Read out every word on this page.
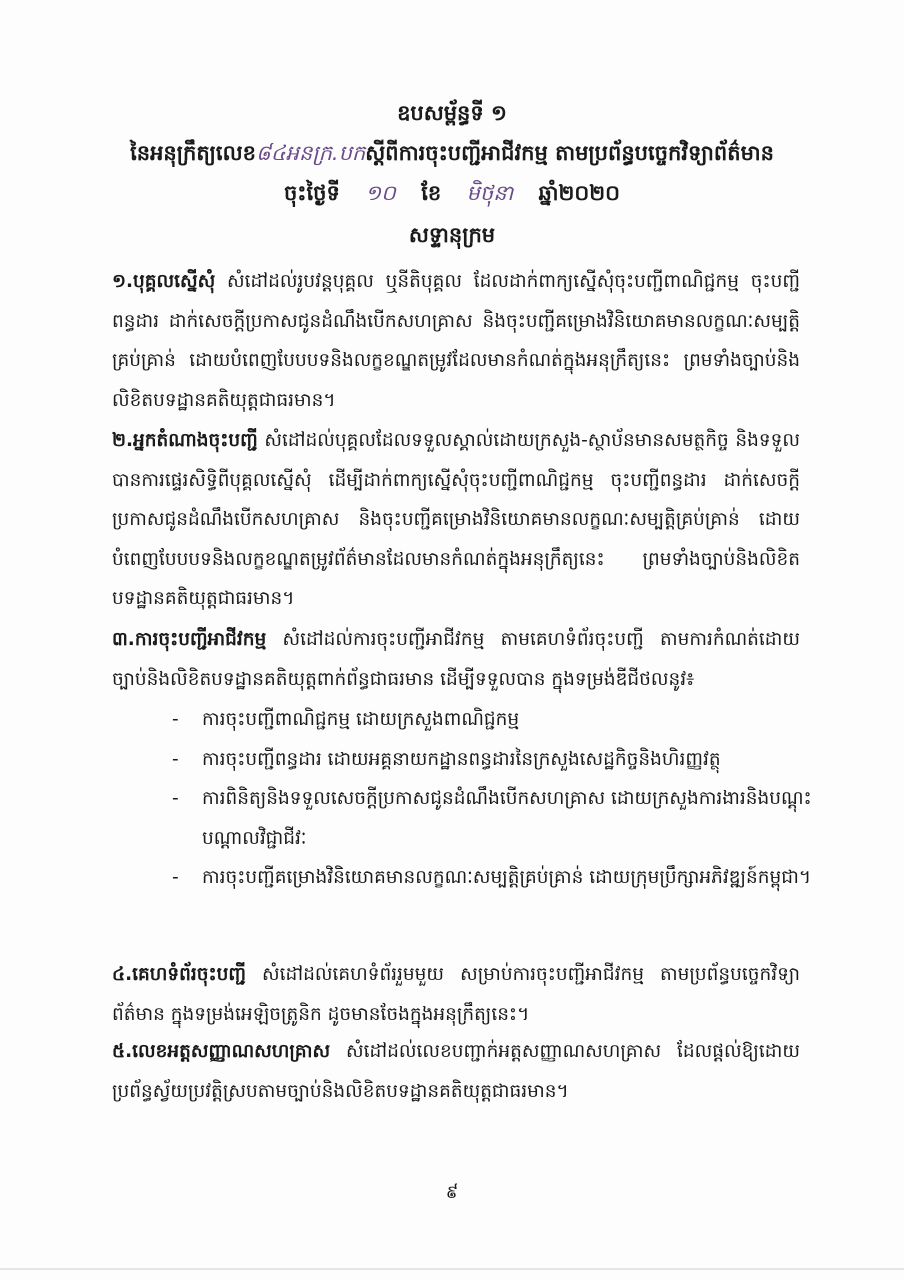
ឧបសម្ព័ន្ធទី ១
នៃអនុក្រឹត្យលេខ៨៤អនក្រ.បកស្ដីពីការចុះបញ្ជីអាជីវកម្ម តាមប្រព័ន្ធបច្ចេកវិទ្យាព័ត៌មាន
ចុះថ្ងៃទី ១០ ខែ មិថុនា ឆ្នាំ២០២០
សទ្ទានុក្រម
១.បុគ្គលស្នើសុំ សំដៅដល់រូបវន្តបុគ្គល ឬនីតិបុគ្គល ដែលដាក់ពាក្យស្នើសុំចុះបញ្ជីពាណិជ្ជកម្ម ចុះបញ្ជីពន្ធដារ ដាក់សេចក្តីប្រកាសជូនដំណឹងបើកសហគ្រាស និងចុះបញ្ជីគម្រោងវិនិយោគមានលក្ខណៈសម្បត្តិគ្រប់គ្រាន់ ដោយបំពេញបែបបទនិងលក្ខខណ្ឌតម្រូវដែលមានកំណត់ក្នុងអនុក្រឹត្យនេះ ព្រមទាំងច្បាប់និងលិខិតបទដ្ឋានគតិយុត្តជាធរមាន។
២.អ្នកតំណាងចុះបញ្ជី សំដៅដល់បុគ្គលដែលទទួលស្គាល់ដោយក្រសួង-ស្ថាប័នមានសមត្ថកិច្ច និងទទួលបានការផ្ទេរសិទ្ធិពីបុគ្គលស្នើសុំ ដើម្បីដាក់ពាក្យស្នើសុំចុះបញ្ជីពាណិជ្ជកម្ម ចុះបញ្ជីពន្ធដារ ដាក់សេចក្តីប្រកាសជូនដំណឹងបើកសហគ្រាស និងចុះបញ្ជីគម្រោងវិនិយោគមានលក្ខណៈសម្បត្តិគ្រប់គ្រាន់ ដោយបំពេញបែបបទនិងលក្ខខណ្ឌតម្រូវព័ត៌មានដែលមានកំណត់ក្នុងអនុក្រឹត្យនេះ ព្រមទាំងច្បាប់និងលិខិតបទដ្ឋានគតិយុត្តជាធរមាន។
៣.ការចុះបញ្ជីអាជីវកម្ម សំដៅដល់ការចុះបញ្ជីអាជីវកម្ម តាមគេហទំព័រចុះបញ្ជី តាមការកំណត់ដោយច្បាប់និងលិខិតបទដ្ឋានគតិយុត្តពាក់ព័ន្ធជាធរមាន ដើម្បីទទួលបាន ក្នុងទម្រង់ឌីជីថលនូវ៖
- ការចុះបញ្ជីពាណិជ្ជកម្ម ដោយក្រសួងពាណិជ្ជកម្ម
- ការចុះបញ្ជីពន្ធដារ ដោយអគ្គនាយកដ្ឋានពន្ធដារនៃក្រសួងសេដ្ឋកិច្ចនិងហិរញ្ញវត្ថុ
- ការពិនិត្យនិងទទួលសេចក្តីប្រកាសជូនដំណឹងបើកសហគ្រាស ដោយក្រសួងការងារនិងបណ្តុះបណ្តាលវិជ្ជាជីវៈ
- ការចុះបញ្ជីគម្រោងវិនិយោគមានលក្ខណៈសម្បត្តិគ្រប់គ្រាន់ ដោយក្រុមប្រឹក្សាអភិវឌ្ឍន៍កម្ពុជា។
៤.គេហទំព័រចុះបញ្ជី សំដៅដល់គេហទំព័ររួមមួយ សម្រាប់ការចុះបញ្ជីអាជីវកម្ម តាមប្រព័ន្ធបច្ចេកវិទ្យាព័ត៌មាន ក្នុងទម្រង់អេឡិចត្រូនិក ដូចមានចែងក្នុងអនុក្រឹត្យនេះ។
៥.លេខអត្តសញ្ញាណសហគ្រាស សំដៅដល់លេខបញ្ជាក់អត្តសញ្ញាណសហគ្រាស ដែលផ្តល់ឱ្យដោយប្រព័ន្ធស្វ័យប្រវត្តិស្របតាមច្បាប់និងលិខិតបទដ្ឋានគតិយុត្តជាធរមាន។
៩
